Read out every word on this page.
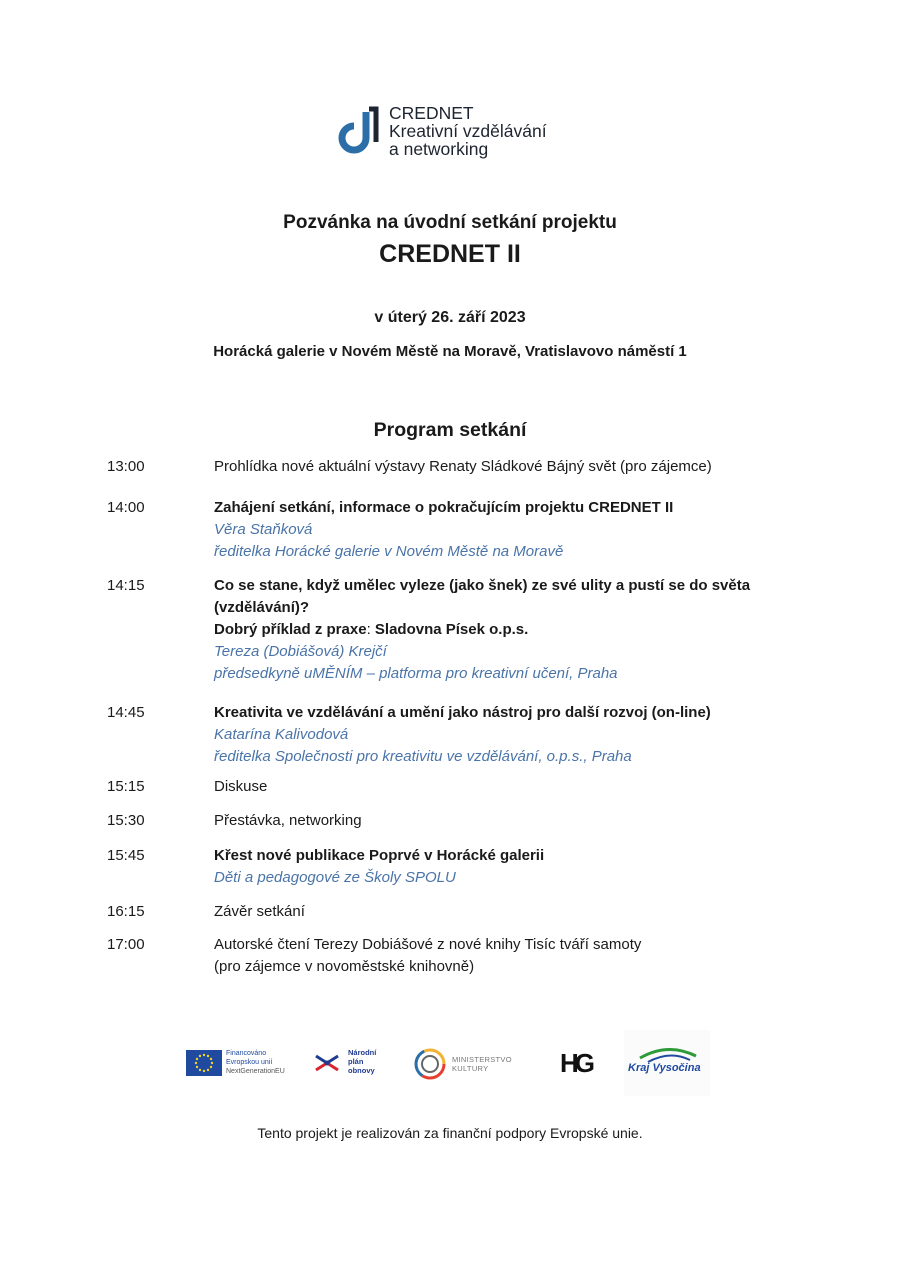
CREDNET
Kreativní vzdělávání
a networking
Pozvánka na úvodní setkání projektu
CREDNET II
v úterý 26. září 2023
Horácká galerie v Novém Městě na Moravě, Vratislavovo náměstí 1
Program setkání
13:00	Prohlídka nové aktuální výstavy Renaty Sládkové Bájný svět (pro zájemce)
14:00	Zahájení setkání, informace o pokračujícím projektu CREDNET II
Věra Staňková
ředitelka Horácké galerie v Novém Městě na Moravě
14:15	Co se stane, když umělec vyleze (jako šnek) ze své ulity a pustí se do světa (vzdělávání)?
Dobrý příklad z praxe: Sladovna Písek o.p.s.
Tereza (Dobiášová) Krejčí
předsedkyně uMĚNÍM – platforma pro kreativní učení, Praha
14:45	Kreativita ve vzdělávání a umění jako nástroj pro další rozvoj (on-line)
Katarína Kalivodová
ředitelka Společnosti pro kreativitu ve vzdělávání, o.p.s., Praha
15:15	Diskuse
15:30	Přestávka, networking
15:45	Křest nové publikace Poprvé v Horácké galerii
Děti a pedagogové ze Školy SPOLU
16:15	Závěr setkání
17:00	Autorské čtení Terezy Dobiášové z nové knihy Tisíc tváří samoty
(pro zájemce v novoměstské knihovně)
Financováno
Evropskou unií
NextGenerationEU
Národní
plán
obnovy
MINISTERSTVO
KULTURY	HG	Kraj Vysočina
Tento projekt je realizován za finanční podpory Evropské unie.
